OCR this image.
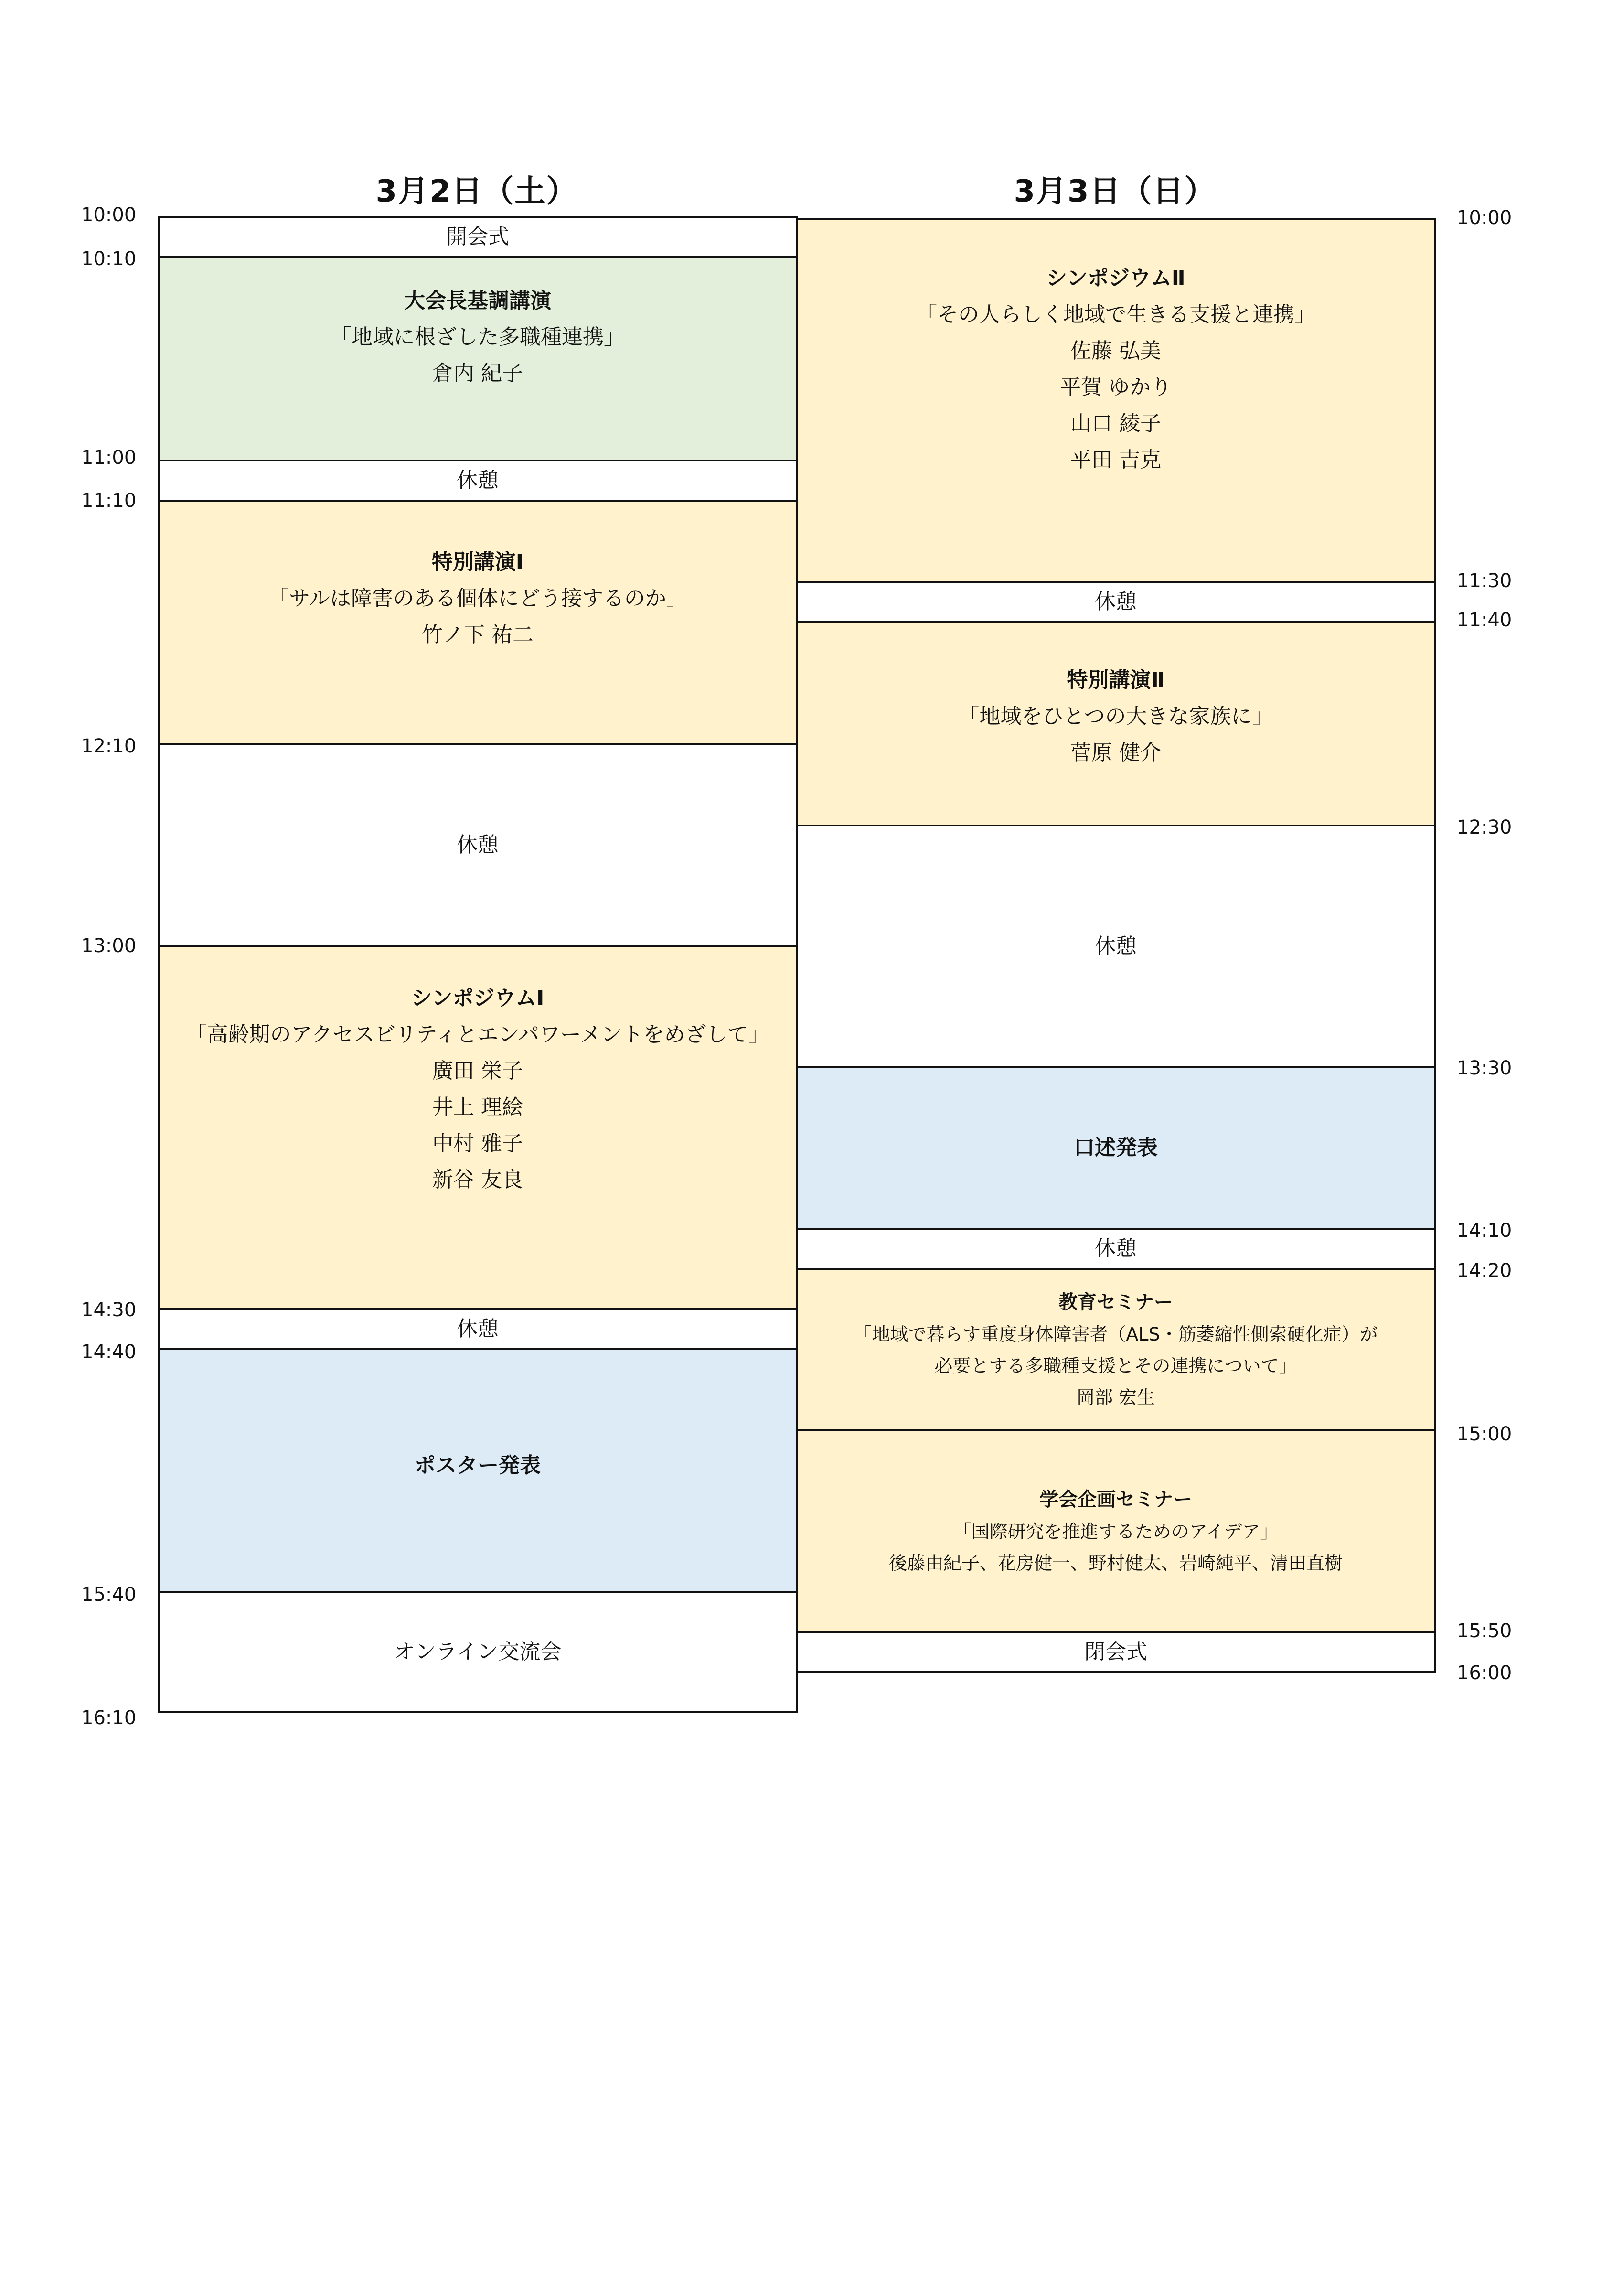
3月2日（土）	3月3日（日）
開会式
大会長基調講演
「地域に根ざした多職種連携」
倉内 紀子
休憩
特別講演Ⅰ
「サルは障害のある個体にどう接するのか」
竹ノ下 祐二
休憩
シンポジウムⅠ
「高齢期のアクセスビリティとエンパワーメントをめざして」
廣田 栄子
井上 理絵
中村 雅子
新谷 友良
休憩
ポスター発表
オンライン交流会
シンポジウムⅡ
「その人らしく地域で生きる支援と連携」
佐藤 弘美
平賀 ゆかり
山口 綾子
平田 吉克
休憩
特別講演Ⅱ
「地域をひとつの大きな家族に」
菅原 健介
休憩
口述発表
休憩
教育セミナー
「地域で暮らす重度身体障害者（ALS・筋萎縮性側索硬化症）が
必要とする多職種支援とその連携について」
岡部 宏生
学会企画セミナー
「国際研究を推進するためのアイデア」
後藤由紀子、花房健一、野村健太、岩崎純平、清田直樹
閉会式
10:00
10:10
11:00
11:10
12:10
13:00
14:30
14:40
15:40
16:10
10:00
11:30
11:40
12:30
13:30
14:10
14:20
15:00
15:50
16:00
